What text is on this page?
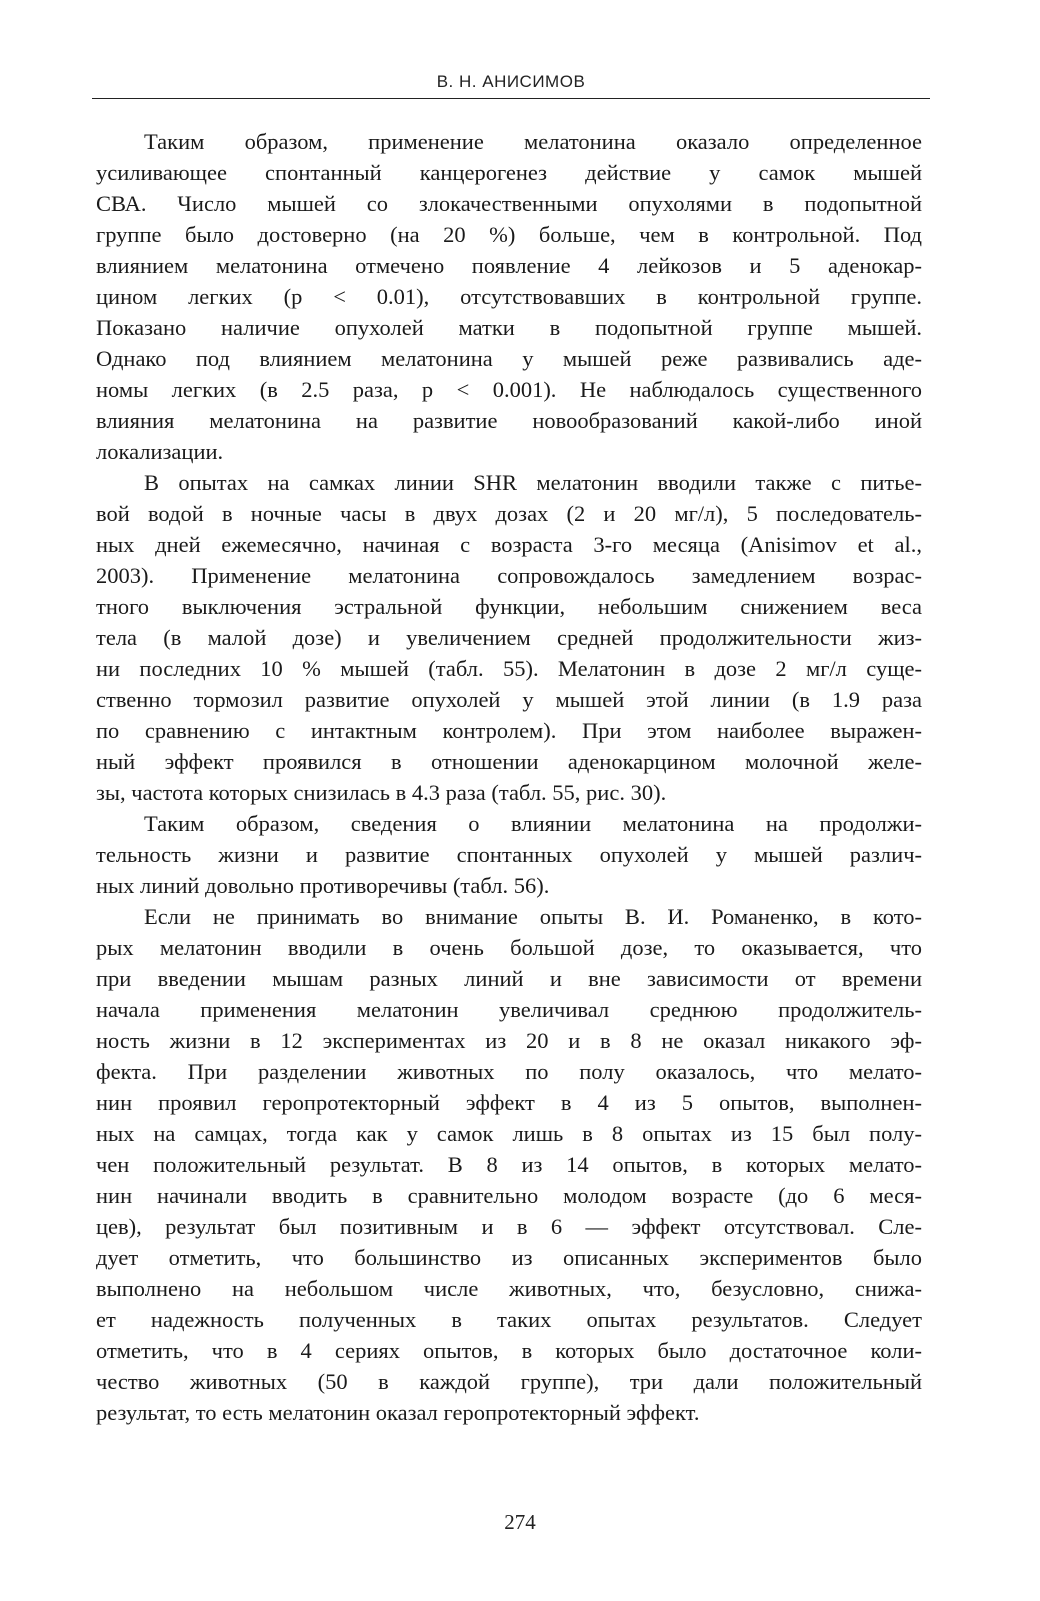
В. Н. АНИСИМОВ

Таким образом, применение мелатонина оказало определенное
усиливающее спонтанный канцерогенез действие у самок мышей
СВА. Число мышей со злокачественными опухолями в подопытной
группе было достоверно (на 20 %) больше, чем в контрольной. Под
влиянием мелатонина отмечено появление 4 лейкозов и 5 аденокар-
цином легких (p < 0.01), отсутствовавших в контрольной группе.
Показано наличие опухолей матки в подопытной группе мышей.
Однако под влиянием мелатонина у мышей реже развивались аде-
номы легких (в 2.5 раза, p < 0.001). Не наблюдалось существенного
влияния мелатонина на развитие новообразований какой-либо иной
локализации.

В опытах на самках линии SHR мелатонин вводили также с питье-
вой водой в ночные часы в двух дозах (2 и 20 мг/л), 5 последователь-
ных дней ежемесячно, начиная с возраста 3-го месяца (Anisimov et al.,
2003). Применение мелатонина сопровождалось замедлением возрас-
тного выключения эстральной функции, небольшим снижением веса
тела (в малой дозе) и увеличением средней продолжительности жиз-
ни последних 10 % мышей (табл. 55). Мелатонин в дозе 2 мг/л суще-
ственно тормозил развитие опухолей у мышей этой линии (в 1.9 раза
по сравнению с интактным контролем). При этом наиболее выражен-
ный эффект проявился в отношении аденокарцином молочной желе-
зы, частота которых снизилась в 4.3 раза (табл. 55, рис. 30).

Таким образом, сведения о влиянии мелатонина на продолжи-
тельность жизни и развитие спонтанных опухолей у мышей различ-
ных линий довольно противоречивы (табл. 56).

Если не принимать во внимание опыты В. И. Романенко, в кото-
рых мелатонин вводили в очень большой дозе, то оказывается, что
при введении мышам разных линий и вне зависимости от времени
начала применения мелатонин увеличивал среднюю продолжитель-
ность жизни в 12 экспериментах из 20 и в 8 не оказал никакого эф-
фекта. При разделении животных по полу оказалось, что мелато-
нин проявил геропротекторный эффект в 4 из 5 опытов, выполнен-
ных на самцах, тогда как у самок лишь в 8 опытах из 15 был полу-
чен положительный результат. В 8 из 14 опытов, в которых мелато-
нин начинали вводить в сравнительно молодом возрасте (до 6 меся-
цев), результат был позитивным и в 6 — эффект отсутствовал. Сле-
дует отметить, что большинство из описанных экспериментов было
выполнено на небольшом числе животных, что, безусловно, снижа-
ет надежность полученных в таких опытах результатов. Следует
отметить, что в 4 сериях опытов, в которых было достаточное коли-
чество животных (50 в каждой группе), три дали положительный
результат, то есть мелатонин оказал геропротекторный эффект.

274
